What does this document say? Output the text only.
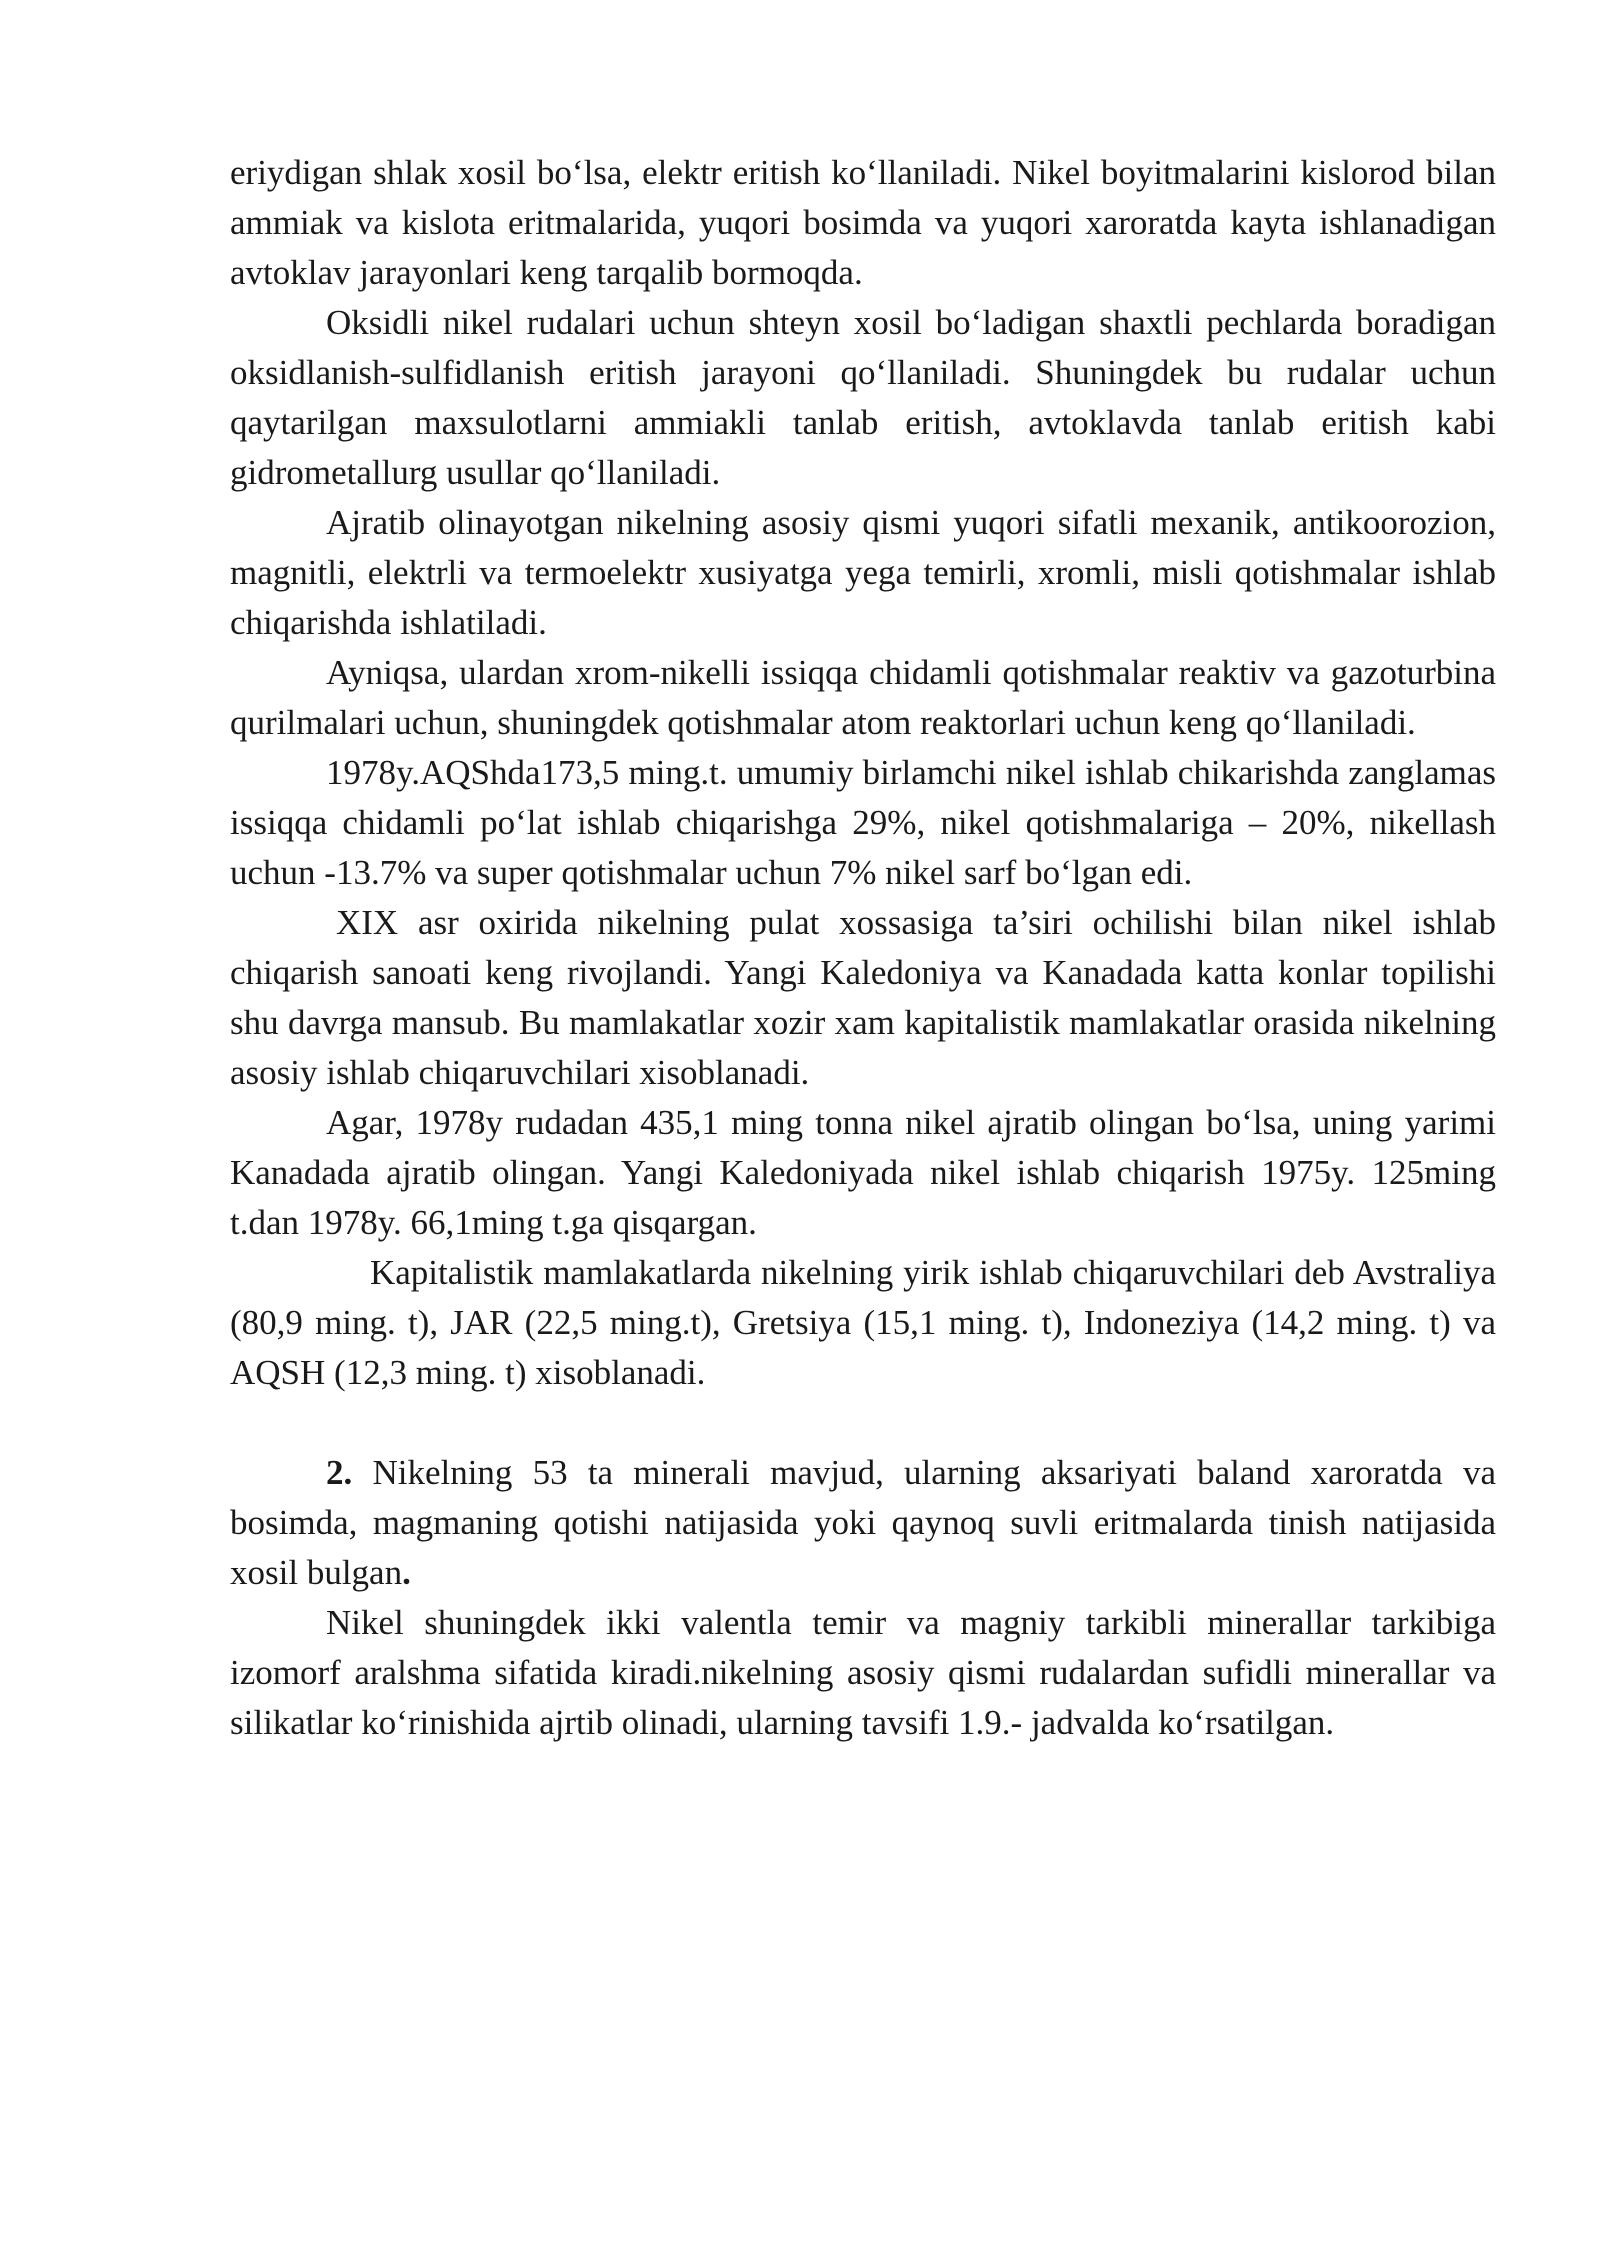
eriydigan shlak xosil bo‘lsa, elektr eritish ko‘llaniladi. Nikel boyitmalarini kislorod bilan ammiak va kislota eritmalarida, yuqori bosimda va yuqori xaroratda kayta ishlanadigan avtoklav jarayonlari keng tarqalib bormoqda.

Oksidli nikel rudalari uchun shteyn xosil bo‘ladigan shaxtli pechlarda boradigan oksidlanish-sulfidlanish eritish jarayoni qo‘llaniladi. Shuningdek bu rudalar uchun qaytarilgan maxsulotlarni ammiakli tanlab eritish, avtoklavda tanlab eritish kabi gidrometallurg usullar qo‘llaniladi.

Ajratib olinayotgan nikelning asosiy qismi yuqori sifatli mexanik, antikoorozion, magnitli, elektrli va termoelektr xusiyatga yega temirli, xromli, misli qotishmalar ishlab chiqarishda ishlatiladi.

Ayniqsa, ulardan xrom-nikelli issiqqa chidamli qotishmalar reaktiv va gazoturbina qurilmalari uchun, shuningdek qotishmalar atom reaktorlari uchun keng qo‘llaniladi.

1978y.AQShda173,5 ming.t. umumiy birlamchi nikel ishlab chikarishda zanglamas issiqqa chidamli po‘lat ishlab chiqarishga 29%, nikel qotishmalariga – 20%, nikellash uchun -13.7% va super qotishmalar uchun 7% nikel sarf bo‘lgan edi.

XIX asr oxirida nikelning pulat xossasiga ta’siri ochilishi bilan nikel ishlab chiqarish sanoati keng rivojlandi. Yangi Kaledoniya va Kanadada katta konlar topilishi shu davrga mansub. Bu mamlakatlar xozir xam kapitalistik mamlakatlar orasida nikelning asosiy ishlab chiqaruvchilari xisoblanadi.

Agar, 1978y rudadan 435,1 ming tonna nikel ajratib olingan bo‘lsa, uning yarimi Kanadada ajratib olingan. Yangi Kaledoniyada nikel ishlab chiqarish 1975y. 125ming t.dan 1978y. 66,1ming t.ga qisqargan.

Kapitalistik mamlakatlarda nikelning yirik ishlab chiqaruvchilari deb Avstraliya (80,9 ming. t), JAR (22,5 ming.t), Gretsiya (15,1 ming. t), Indoneziya (14,2 ming. t) va AQSH (12,3 ming. t) xisoblanadi.

2. Nikelning 53 ta minerali mavjud, ularning aksariyati baland xaroratda va bosimda, magmaning qotishi natijasida yoki qaynoq suvli eritmalarda tinish natijasida xosil bulgan.

Nikel shuningdek ikki valentla temir va magniy tarkibli minerallar tarkibiga izomorf aralshma sifatida kiradi.nikelning asosiy qismi rudalardan sufidli minerallar va silikatlar ko‘rinishida ajrtib olinadi, ularning tavsifi 1.9.- jadvalda ko‘rsatilgan.
